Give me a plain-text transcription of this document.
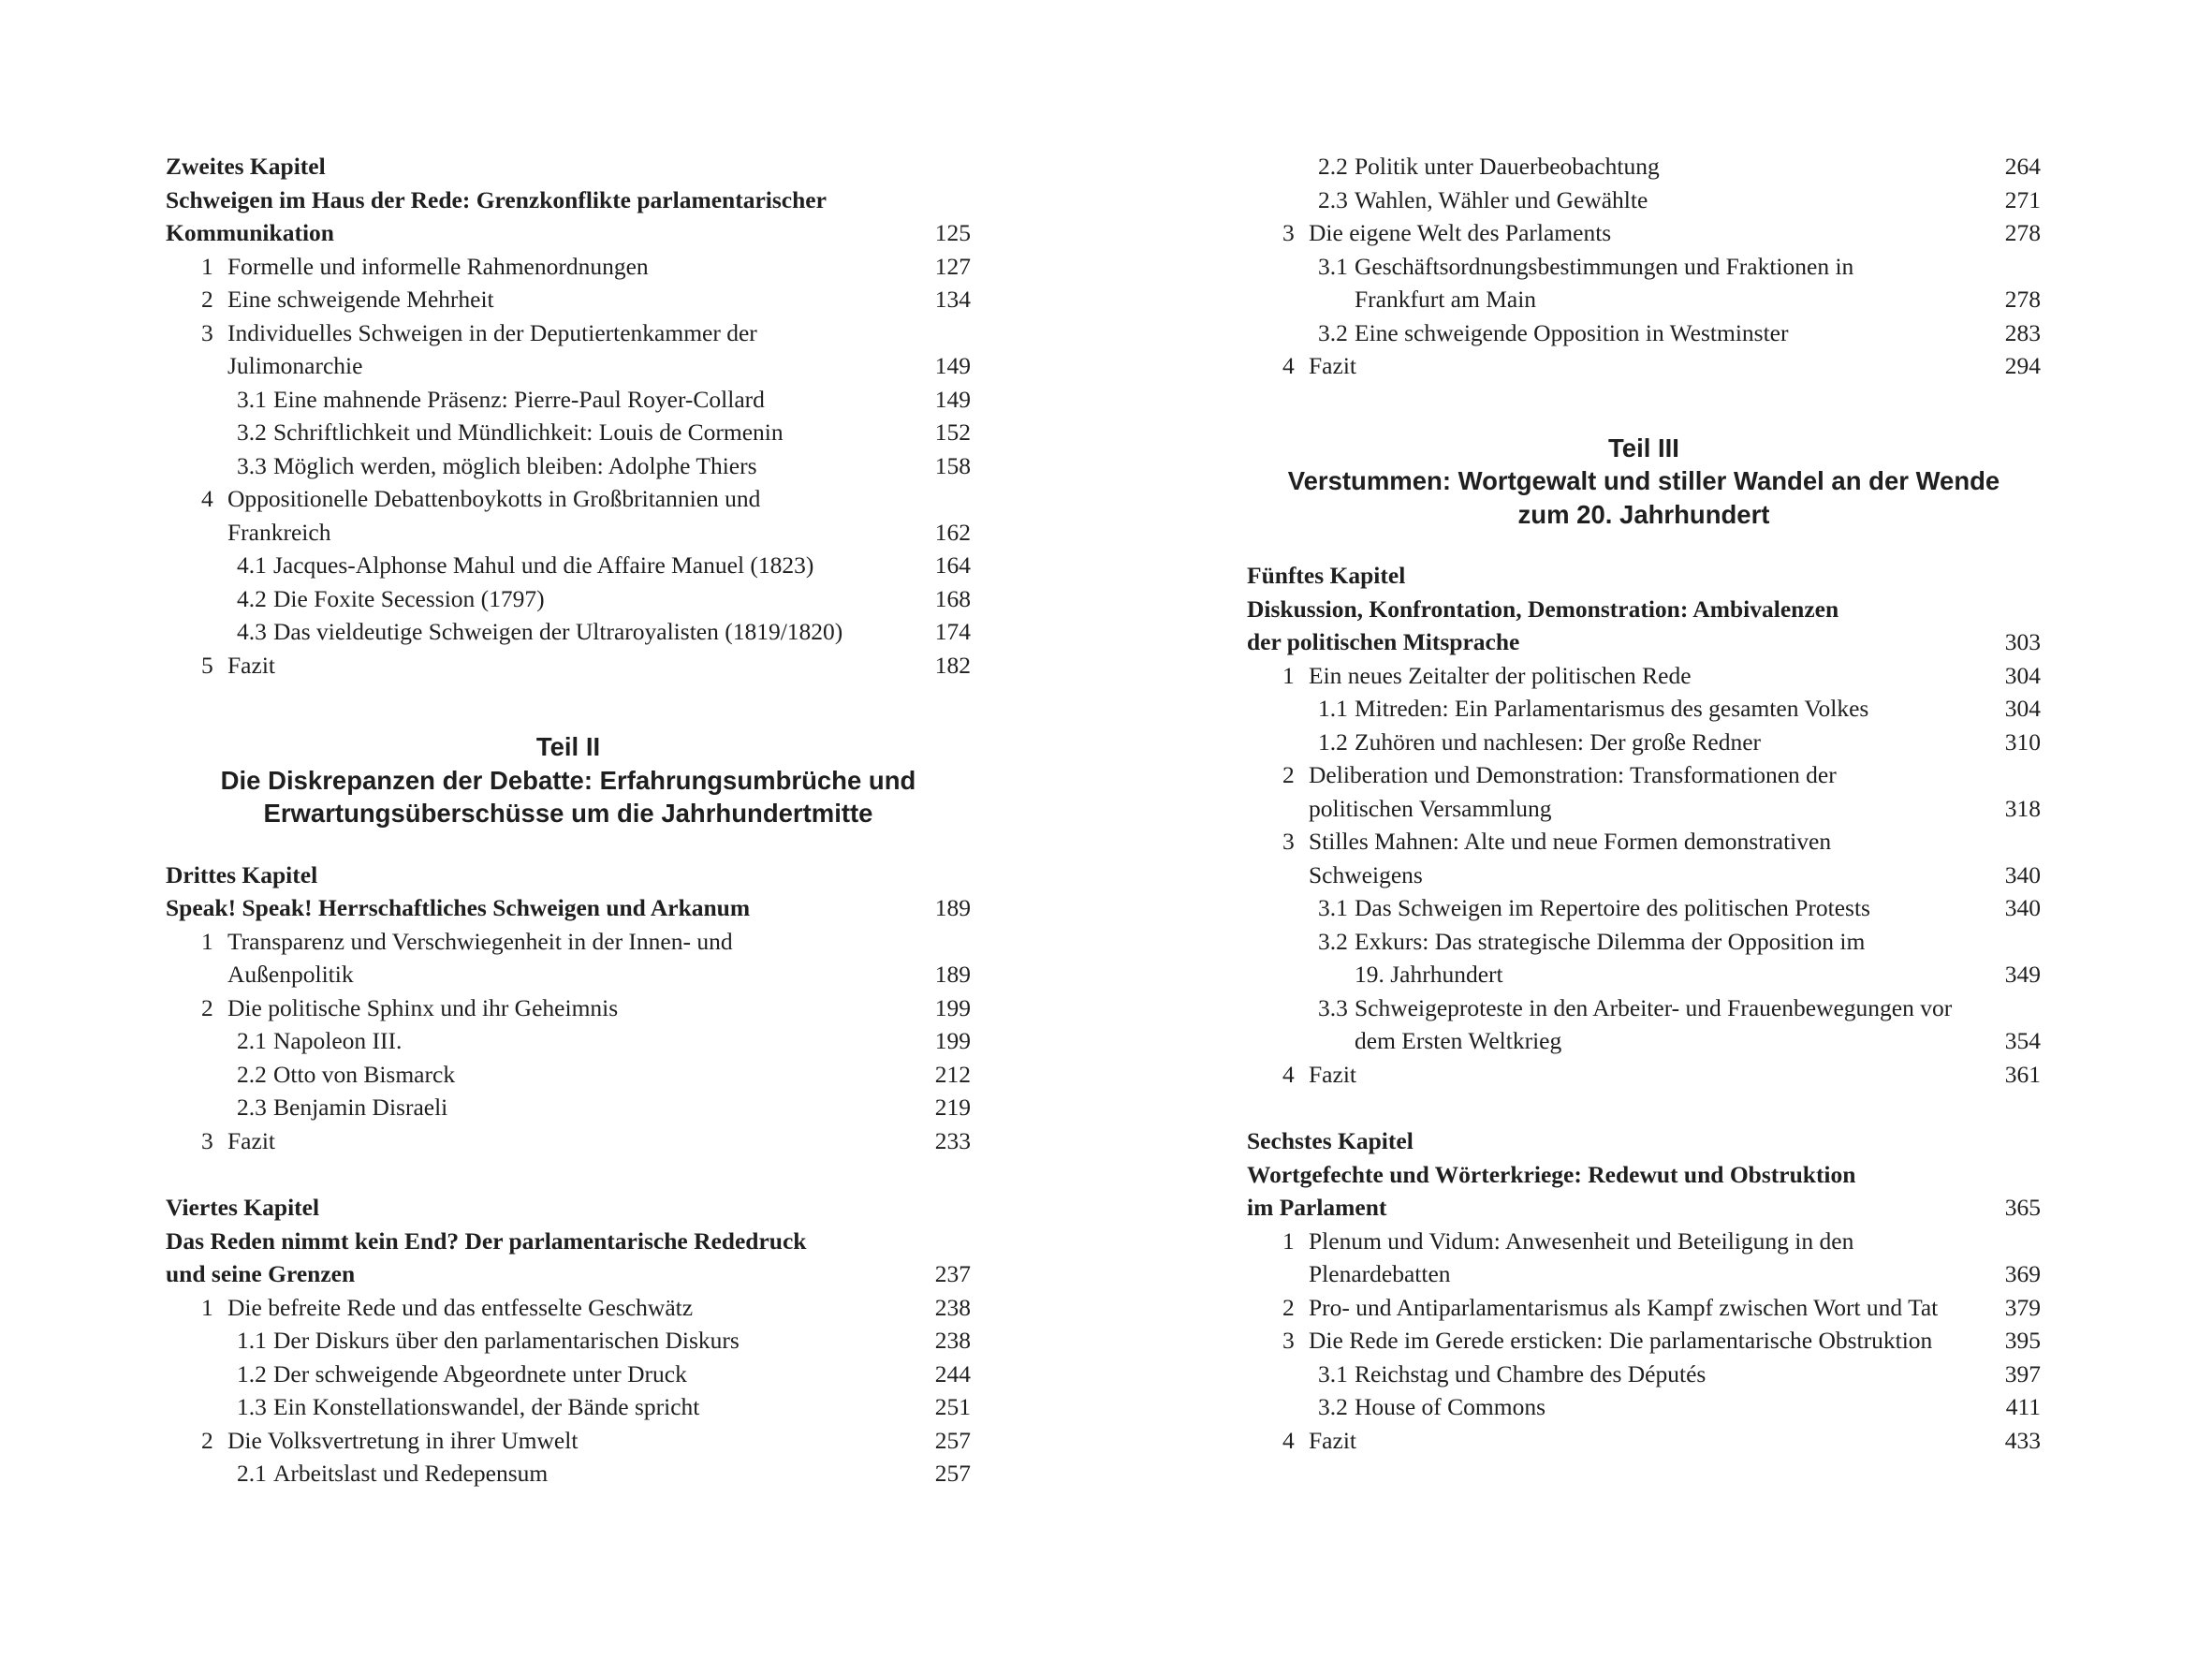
Zweites Kapitel
Schweigen im Haus der Rede: Grenzkonflikte parlamentarischer
Kommunikation	125
1 Formelle und informelle Rahmenordnungen	127
2 Eine schweigende Mehrheit	134
3 Individuelles Schweigen in der Deputiertenkammer der
Julimonarchie	149
3.1 Eine mahnende Präsenz: Pierre-Paul Royer-Collard	149
3.2 Schriftlichkeit und Mündlichkeit: Louis de Cormenin	152
3.3 Möglich werden, möglich bleiben: Adolphe Thiers	158
4 Oppositionelle Debattenboykotts in Großbritannien und
Frankreich	162
4.1 Jacques-Alphonse Mahul und die Affaire Manuel (1823)	164
4.2 Die Foxite Secession (1797)	168
4.3 Das vieldeutige Schweigen der Ultraroyalisten (1819/1820)	174
5 Fazit	182
Teil II
Die Diskrepanzen der Debatte: Erfahrungsumbrüche und
Erwartungsüberschüsse um die Jahrhundertmitte
Drittes Kapitel
Speak! Speak! Herrschaftliches Schweigen und Arkanum	189
1 Transparenz und Verschwiegenheit in der Innen- und
Außenpolitik	189
2 Die politische Sphinx und ihr Geheimnis	199
2.1 Napoleon III.	199
2.2 Otto von Bismarck	212
2.3 Benjamin Disraeli	219
3 Fazit	233
Viertes Kapitel
Das Reden nimmt kein End? Der parlamentarische Rededruck
und seine Grenzen	237
1 Die befreite Rede und das entfesselte Geschwätz	238
1.1 Der Diskurs über den parlamentarischen Diskurs	238
1.2 Der schweigende Abgeordnete unter Druck	244
1.3 Ein Konstellationswandel, der Bände spricht	251
2 Die Volksvertretung in ihrer Umwelt	257
2.1 Arbeitslast und Redepensum	257
2.2 Politik unter Dauerbeobachtung	264
2.3 Wahlen, Wähler und Gewählte	271
3 Die eigene Welt des Parlaments	278
3.1 Geschäftsordnungsbestimmungen und Fraktionen in
Frankfurt am Main	278
3.2 Eine schweigende Opposition in Westminster	283
4 Fazit	294
Teil III
Verstummen: Wortgewalt und stiller Wandel an der Wende
zum 20. Jahrhundert
Fünftes Kapitel
Diskussion, Konfrontation, Demonstration: Ambivalenzen
der politischen Mitsprache	303
1 Ein neues Zeitalter der politischen Rede	304
1.1 Mitreden: Ein Parlamentarismus des gesamten Volkes	304
1.2 Zuhören und nachlesen: Der große Redner	310
2 Deliberation und Demonstration: Transformationen der
politischen Versammlung	318
3 Stilles Mahnen: Alte und neue Formen demonstrativen
Schweigens	340
3.1 Das Schweigen im Repertoire des politischen Protests	340
3.2 Exkurs: Das strategische Dilemma der Opposition im
19. Jahrhundert	349
3.3 Schweigeproteste in den Arbeiter- und Frauenbewegungen vor
dem Ersten Weltkrieg	354
4 Fazit	361
Sechstes Kapitel
Wortgefechte und Wörterkriege: Redewut und Obstruktion
im Parlament	365
1 Plenum und Vidum: Anwesenheit und Beteiligung in den
Plenardebatten	369
2 Pro- und Antiparlamentarismus als Kampf zwischen Wort und Tat	379
3 Die Rede im Gerede ersticken: Die parlamentarische Obstruktion	395
3.1 Reichstag und Chambre des Députés	397
3.2 House of Commons	411
4 Fazit	433
